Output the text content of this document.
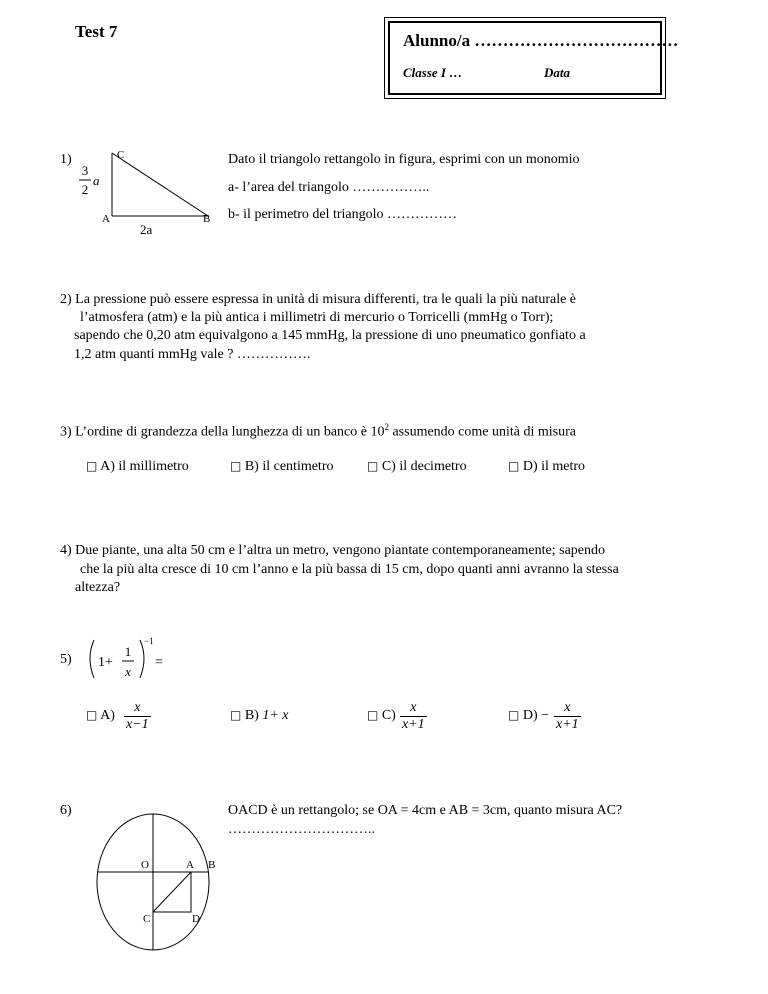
Test 7	Alunno/a ………………………………
Classe I …	Data
1)	C
A	B
3
2
a
2a
Dato il triangolo rettangolo in figura, esprimi con un monomio
a- l’area del triangolo ……………..
b- il perimetro del triangolo ……………
2) La pressione può essere espressa in unità di misura differenti, tra le quali la più naturale è
l’atmosfera (atm) e la più antica i millimetri di mercurio o Torricelli (mmHg o Torr);
sapendo che 0,20 atm equivalgono a 145 mmHg, la pressione di uno pneumatico gonfiato a
1,2 atm quanti mmHg vale ? …………….
3) L’ordine di grandezza della lunghezza di un banco è $10^2$ assumendo come unità di misura
□ A) il millimetro	□ B) il centimetro	□ C) il decimetro	□ D) il metro
4) Due piante, una alta 50 cm e l’altra un metro, vengono piantate contemporaneamente; sapendo
che la più alta cresce di 10 cm l’anno e la più bassa di 15 cm, dopo quanti anni avranno la stessa
altezza?
5) 1+
1
x
−1
=
□ $A) \frac{x}{x-1}$	□ B) 1+ x	□ $C) \frac{x}{x+1}$	□ $D) - \frac{x}{x+1}$
6)	OACD è un rettangolo; se OA = 4cm e AB = 3cm, quanto misura AC?
…………………………..
O	A B
C	D
